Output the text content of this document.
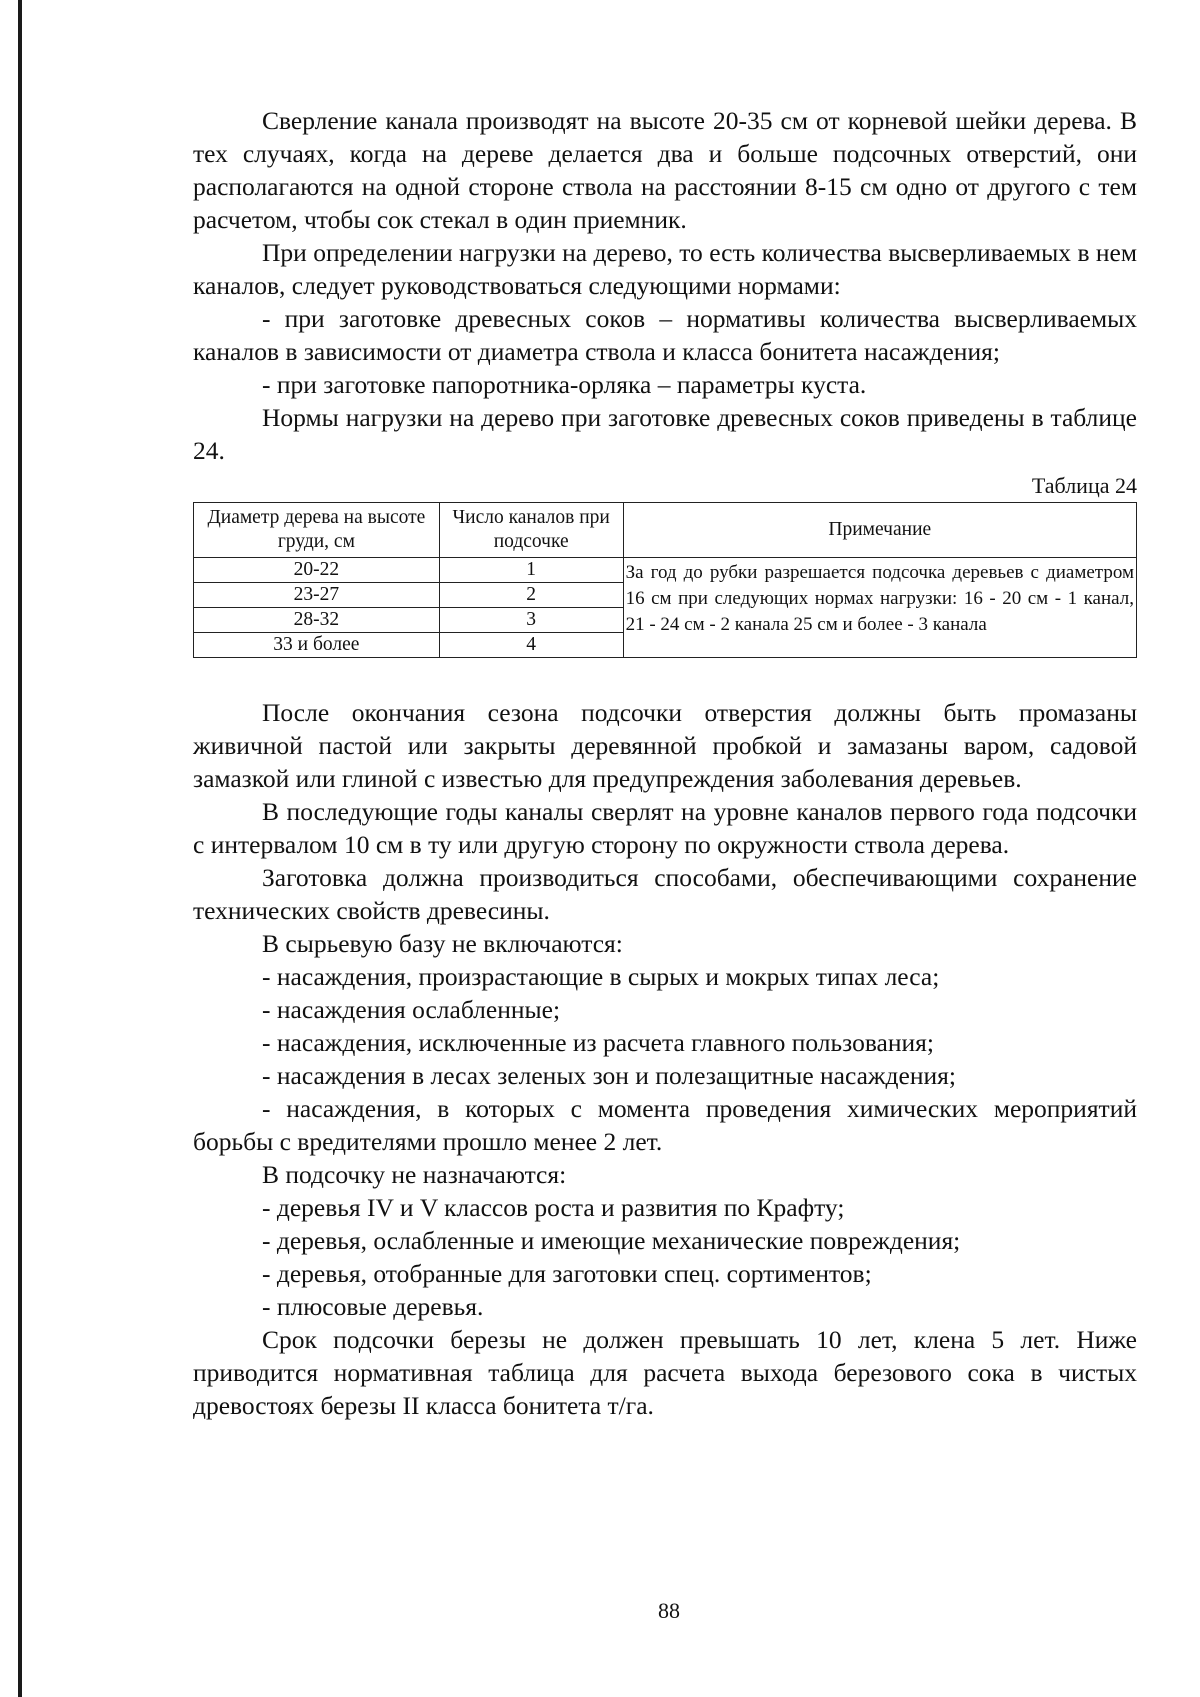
Сверление канала производят на высоте 20-35 см от корневой шейки дерева. В тех случаях, когда на дереве делается два и больше подсочных отверстий, они располагаются на одной стороне ствола на расстоянии 8-15 см одно от другого с тем расчетом, чтобы сок стекал в один приемник.

При определении нагрузки на дерево, то есть количества высверливаемых в нем каналов, следует руководствоваться следующими нормами:

- при заготовке древесных соков – нормативы количества высверливаемых каналов в зависимости от диаметра ствола и класса бонитета насаждения;

- при заготовке папоротника-орляка – параметры куста.

Нормы нагрузки на дерево при заготовке древесных соков приведены в таблице 24.

Таблица 24
Диаметр дерева на высоте груди, см	Число каналов при подсочке	Примечание
20-22	1	За год до рубки разрешается подсочка деревьев с диаметром 16 см при следующих нормах нагрузки: 16 - 20 см - 1 канал, 21 - 24 см - 2 канала 25 см и более - 3 канала
23-27	2	
28-32	3	
33 и более	4	

После окончания сезона подсочки отверстия должны быть промазаны живичной пастой или закрыты деревянной пробкой и замазаны варом, садовой замазкой или глиной с известью для предупреждения заболевания деревьев.

В последующие годы каналы сверлят на уровне каналов первого года подсочки с интервалом 10 см в ту или другую сторону по окружности ствола дерева.

Заготовка должна производиться способами, обеспечивающими сохранение технических свойств древесины.

В сырьевую базу не включаются:

- насаждения, произрастающие в сырых и мокрых типах леса;

- насаждения ослабленные;

- насаждения, исключенные из расчета главного пользования;

- насаждения в лесах зеленых зон и полезащитные насаждения;

- насаждения, в которых с момента проведения химических мероприятий борьбы с вредителями прошло менее 2 лет.

В подсочку не назначаются:

- деревья IV и V классов роста и развития по Крафту;

- деревья, ослабленные и имеющие механические повреждения;

- деревья, отобранные для заготовки спец. сортиментов;

- плюсовые деревья.

Срок подсочки березы не должен превышать 10 лет, клена 5 лет. Ниже приводится нормативная таблица для расчета выхода березового сока в чистых древостоях березы II класса бонитета т/га.

88
